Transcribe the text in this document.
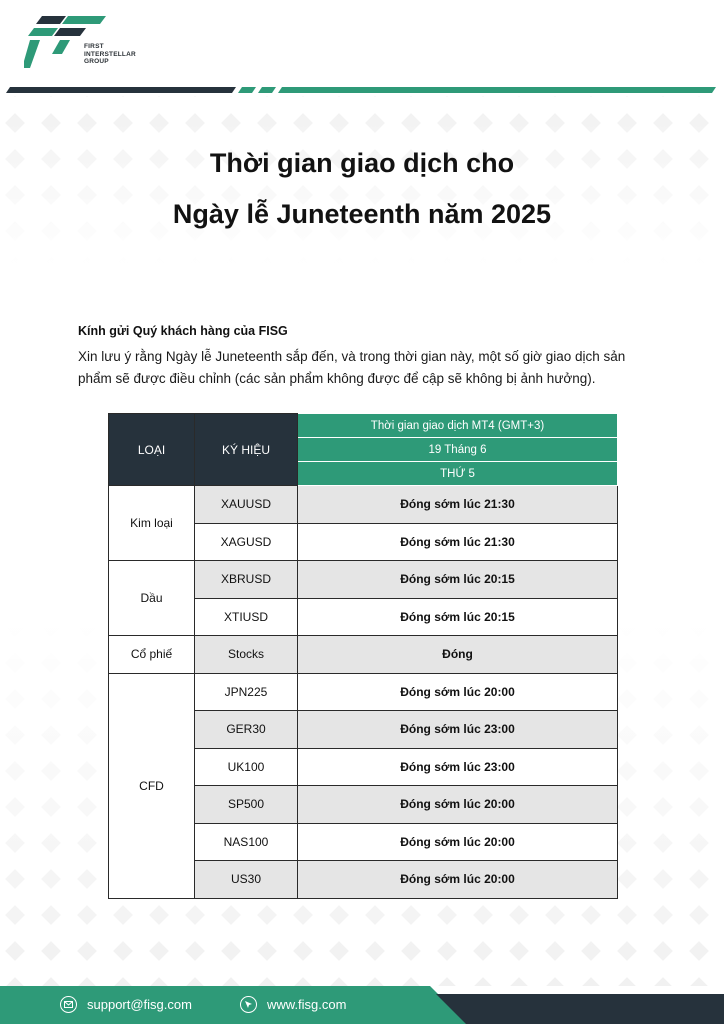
FIRST
INTERSTELLAR
GROUP
Thời gian giao dịch cho
Ngày lễ Juneteenth năm 2025
Kính gửi Quý khách hàng của FISG
Xin lưu ý rằng Ngày lễ Juneteenth sắp đến, và trong thời gian này, một số giờ giao dịch sản phẩm sẽ được điều chỉnh (các sản phẩm không được để cập sẽ không bị ảnh hưởng).
LOẠI	KÝ HIỆU	Thời gian giao dịch MT4 (GMT+3)
		19 Tháng 6
		THỨ 5
Kim loại	XAUUSD	Đóng sớm lúc 21:30
	XAGUSD	Đóng sớm lúc 21:30
Dầu	XBRUSD	Đóng sớm lúc 20:15
	XTIUSD	Đóng sớm lúc 20:15
Cổ phiế	Stocks	Đóng
CFD	JPN225	Đóng sớm lúc 20:00
	GER30	Đóng sớm lúc 23:00
	UK100	Đóng sớm lúc 23:00
	SP500	Đóng sớm lúc 20:00
	NAS100	Đóng sớm lúc 20:00
	US30	Đóng sớm lúc 20:00
support@fisg.com	www.fisg.com
